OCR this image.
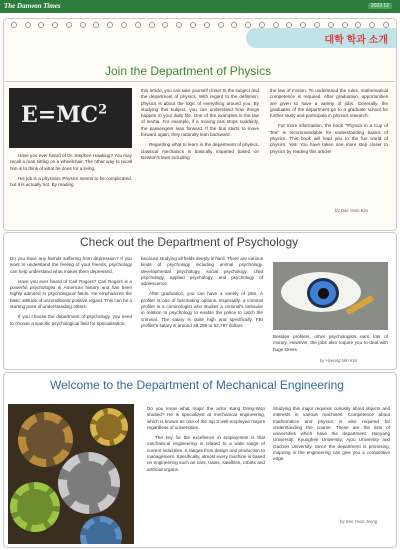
The Danwon Times	2023.12
대학 학과 소개
Join the Department of Physics
$E=MC^2$

Have you ever heard of Dr. Stephen Hawking? You may recall a man sitting on a wheelchair. The other way to recall him is to think of what he does for a living.

His job is a physicist. Physics seems to be complicated, but it is actually not. By reading

this article, you can take yourself closer to the subject and the department of physics. With regard to the definition, physics is about the logic of everything around you. By studying this subject, you can understand how things happen in your daily life. One of the examples is the law of inertia. For example, if a moving bus stops suddenly, the passengers lean forward. If the bus starts to move forward again, they naturally lean backward.

Regarding what to learn in the department of physics, classical mechanics is basically imparted based on Newton's laws including

the law of motion. To understand the rules, mathematical competence is required. After graduation, opportunities are given to have a variety of jobs. Generally, the graduates of the department go to a graduate school for further study and participate in physics research.

For more information, the book "Physics in a Cup of Tea" is recommendable for understanding basics of physics. This book will lead you to the fun world of physics. Yes! You have taken one more step closer to physics by reading this article!

by Dae Yeon Kim
Check out the Department of Psychology

Do you have any friends suffering from depression? If you want to understand the feeling of your friends, psychology can help understand what makes them depressed.

Have you ever heard of Carl Rogers? Carl Rogers is a powerful psychologist in American history and has been highly admired in psychological fields. He emphasizes the basic attitude of unconditional positive regard. This can be a starting point of understanding others.

If you choose the department of psychology, you need to choose a specific psychological field for specialization,

because studying all fields deeply is hard. There are various kinds of psychology including animal psychology, developmental psychology, social psychology, child psychology, applied psychology, and psychology of adolescence.

After graduation, you can have a variety of jobs. A profiler is one of fascinating options. Especially, a criminal profiler is a criminologist who studies a criminal's behavior in relation to psychology to enable the police to catch the criminal. The salary is quite high and specifically, FBI profiler's salary is around 48,289 to 62,787 dollars.

Besides profilers, other psychologists earn lots of money. However, the jobs also require you to deal with huge stress.

by Hyeong Min Kim
Welcome to the Department of Mechanical Engineering

Do you know what major the actor Kang Dong-Won studied? He is specialized at mechanical engineering, which is known as one of the top 3 well-employed majors regardless of universities.

The key for the excellence in employment is that mechanical engineering is related to a wide range of current industries. It ranges from design and production to management. Specifically, almost every machine is based on engineering such as cars, trains, satellites, robots and artificial organs.

Studying this major requires curiosity about objects and interests in various machines. Competence about mathematics and physics is also required for understanding the course. These are the lists of universities which have the department: Hanyang University; Kyunghee University; Ajou University and Gachon University. Since the department is promising, majoring in the engineering can give you a competitive edge.

by Seo Yeon Jeong
